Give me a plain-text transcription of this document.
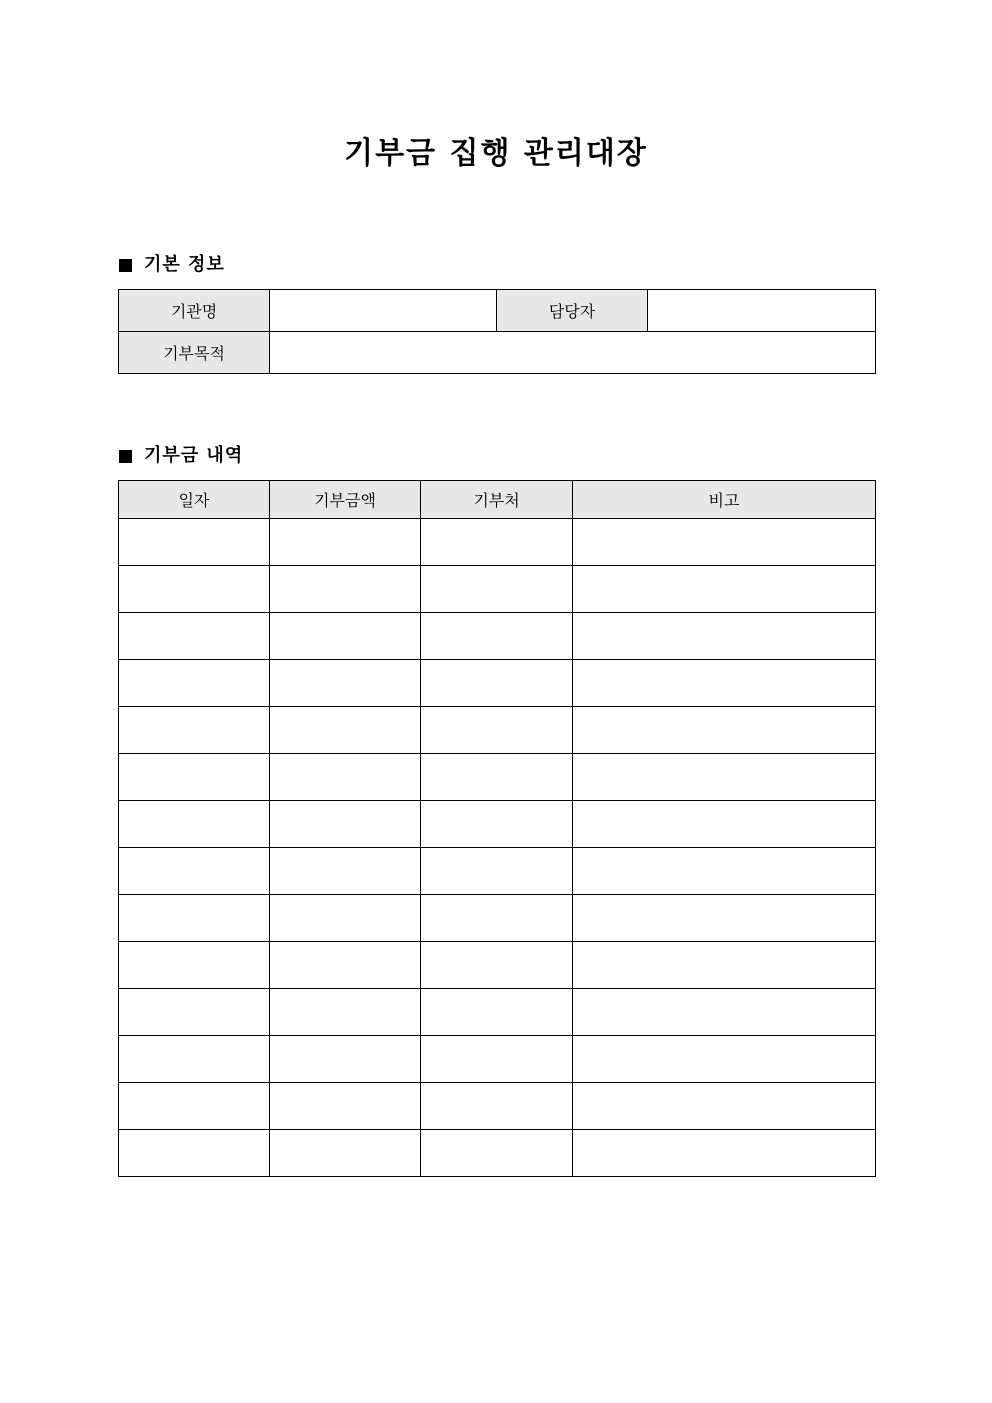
기부금 집행 관리대장
기본 정보
기관명		담당자	
기부목적			
기부금 내역
일자	기부금액	기부처	비고
